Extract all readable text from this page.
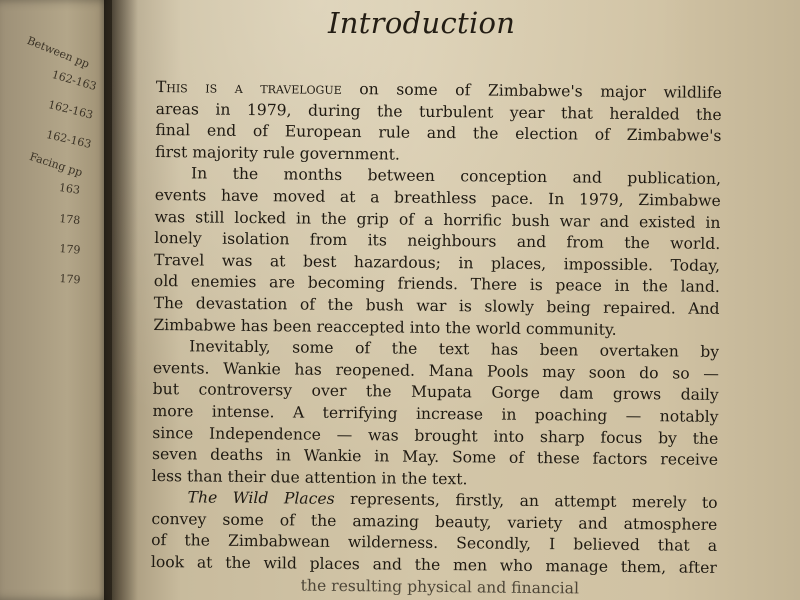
Between pp
162-163
162-163
162-163
Facing pp
163
178
179
179
Introduction
This is a travelogue on some of Zimbabwe's major wildlife
areas in 1979, during the turbulent year that heralded the
final end of European rule and the election of Zimbabwe's
first majority rule government.
In the months between conception and publication,
events have moved at a breathless pace. In 1979, Zimbabwe
was still locked in the grip of a horrific bush war and existed in
lonely isolation from its neighbours and from the world.
Travel was at best hazardous; in places, impossible. Today,
old enemies are becoming friends. There is peace in the land.
The devastation of the bush war is slowly being repaired. And
Zimbabwe has been reaccepted into the world community.
Inevitably, some of the text has been overtaken by
events. Wankie has reopened. Mana Pools may soon do so —
but controversy over the Mupata Gorge dam grows daily
more intense. A terrifying increase in poaching — notably
since Independence — was brought into sharp focus by the
seven deaths in Wankie in May. Some of these factors receive
less than their due attention in the text.
The Wild Places represents, firstly, an attempt merely to
convey some of the amazing beauty, variety and atmosphere
of the Zimbabwean wilderness. Secondly, I believed that a
look at the wild places and the men who manage them, after
the resulting physical and financial
